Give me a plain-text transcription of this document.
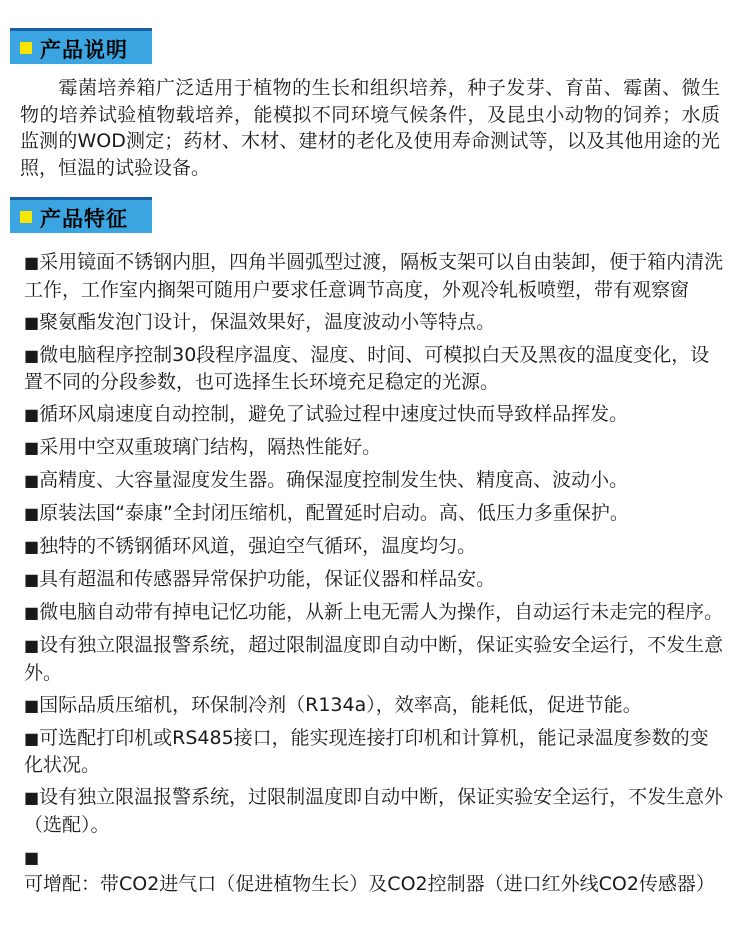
产品说明
霉菌培养箱广泛适用于植物的生长和组织培养，种子发芽、育苗、霉菌、微生物的培养试验植物载培养，能模拟不同环境气候条件，及昆虫小动物的饲养；水质监测的WOD测定；药材、木材、建材的老化及使用寿命测试等，以及其他用途的光照，恒温的试验设备。
产品特征
■采用镜面不锈钢内胆，四角半圆弧型过渡，隔板支架可以自由装卸，便于箱内清洗工作，工作室内搁架可随用户要求任意调节高度，外观冷轧板喷塑，带有观察窗
■聚氨酯发泡门设计，保温效果好，温度波动小等特点。
■微电脑程序控制30段程序温度、湿度、时间、可模拟白天及黑夜的温度变化，设置不同的分段参数，也可选择生长环境充足稳定的光源。
■循环风扇速度自动控制，避免了试验过程中速度过快而导致样品挥发。
■采用中空双重玻璃门结构，隔热性能好。
■高精度、大容量湿度发生器。确保湿度控制发生快、精度高、波动小。
■原装法国“泰康”全封闭压缩机，配置延时启动。高、低压力多重保护。
■独特的不锈钢循环风道，强迫空气循环，温度均匀。
■具有超温和传感器异常保护功能，保证仪器和样品安。
■微电脑自动带有掉电记忆功能，从新上电无需人为操作，自动运行未走完的程序。
■设有独立限温报警系统，超过限制温度即自动中断，保证实验安全运行，不发生意外。
■国际品质压缩机，环保制冷剂（R134a），效率高，能耗低，促进节能。
■可选配打印机或RS485接口，能实现连接打印机和计算机，能记录温度参数的变化状况。
■设有独立限温报警系统，过限制温度即自动中断，保证实验安全运行，不发生意外（选配）。
■可增配：带CO2进气口（促进植物生长）及CO2控制器（进口红外线CO2传感器）
